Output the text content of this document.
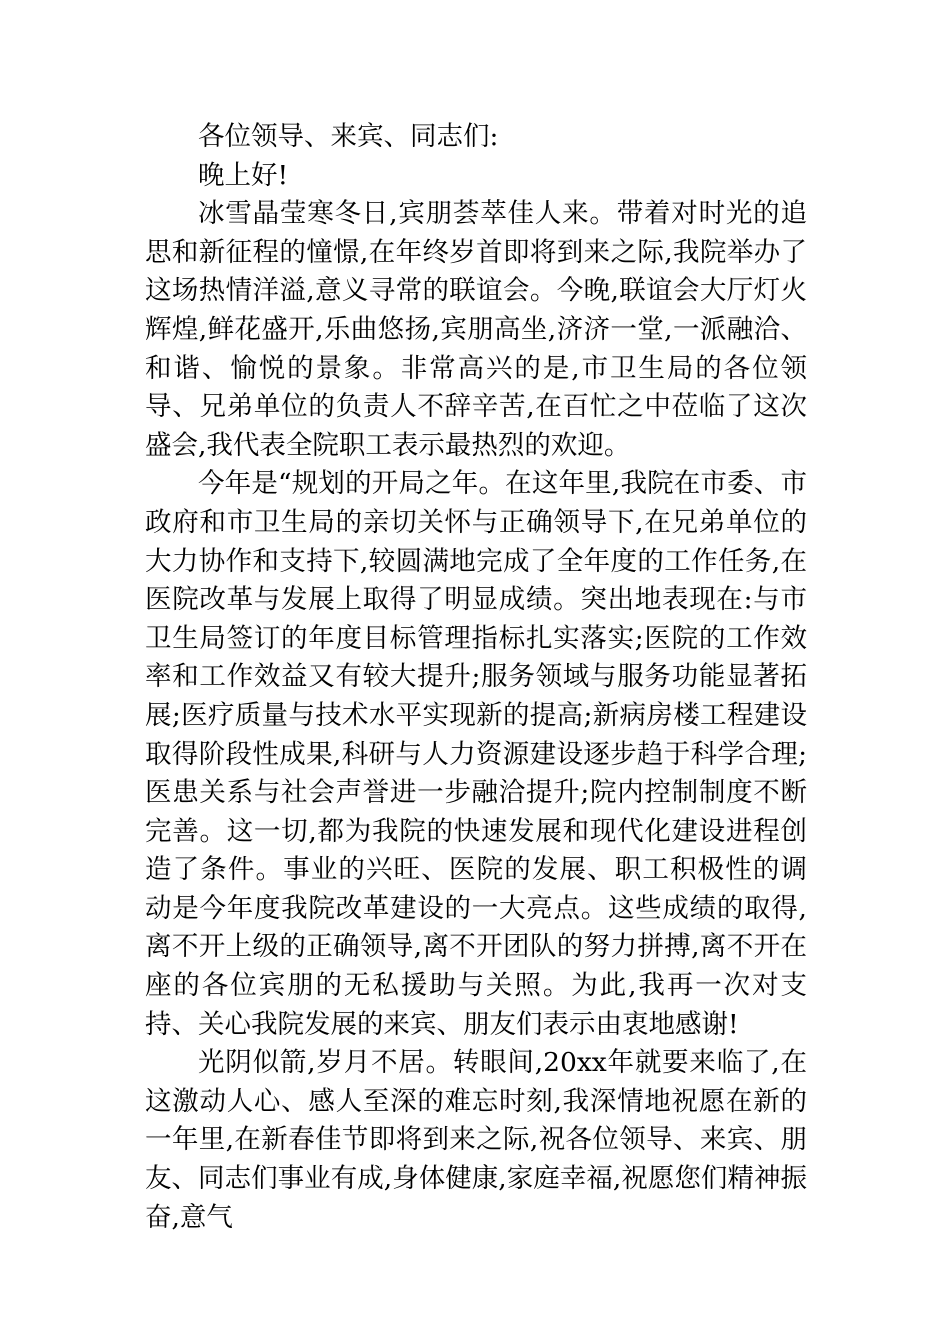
各位领导、来宾、同志们:

晚上好!

冰雪晶莹寒冬日,宾朋荟萃佳人来。带着对时光的追思和新征程的憧憬,在年终岁首即将到来之际,我院举办了这场热情洋溢,意义寻常的联谊会。今晚,联谊会大厅灯火辉煌,鲜花盛开,乐曲悠扬,宾朋高坐,济济一堂,一派融洽、和谐、愉悦的景象。非常高兴的是,市卫生局的各位领导、兄弟单位的负责人不辞辛苦,在百忙之中莅临了这次盛会,我代表全院职工表示最热烈的欢迎。

今年是“规划的开局之年。在这年里,我院在市委、市政府和市卫生局的亲切关怀与正确领导下,在兄弟单位的大力协作和支持下,较圆满地完成了全年度的工作任务,在医院改革与发展上取得了明显成绩。突出地表现在:与市卫生局签订的年度目标管理指标扎实落实;医院的工作效率和工作效益又有较大提升;服务领域与服务功能显著拓展;医疗质量与技术水平实现新的提高;新病房楼工程建设取得阶段性成果,科研与人力资源建设逐步趋于科学合理;医患关系与社会声誉进一步融洽提升;院内控制制度不断完善。这一切,都为我院的快速发展和现代化建设进程创造了条件。事业的兴旺、医院的发展、职工积极性的调动是今年度我院改革建设的一大亮点。这些成绩的取得,离不开上级的正确领导,离不开团队的努力拼搏,离不开在座的各位宾朋的无私援助与关照。为此,我再一次对支持、关心我院发展的来宾、朋友们表示由衷地感谢!

光阴似箭,岁月不居。转眼间,20xx年就要来临了,在这激动人心、感人至深的难忘时刻,我深情地祝愿在新的一年里,在新春佳节即将到来之际,祝各位领导、来宾、朋友、同志们事业有成,身体健康,家庭幸福,祝愿您们精神振奋,意气
